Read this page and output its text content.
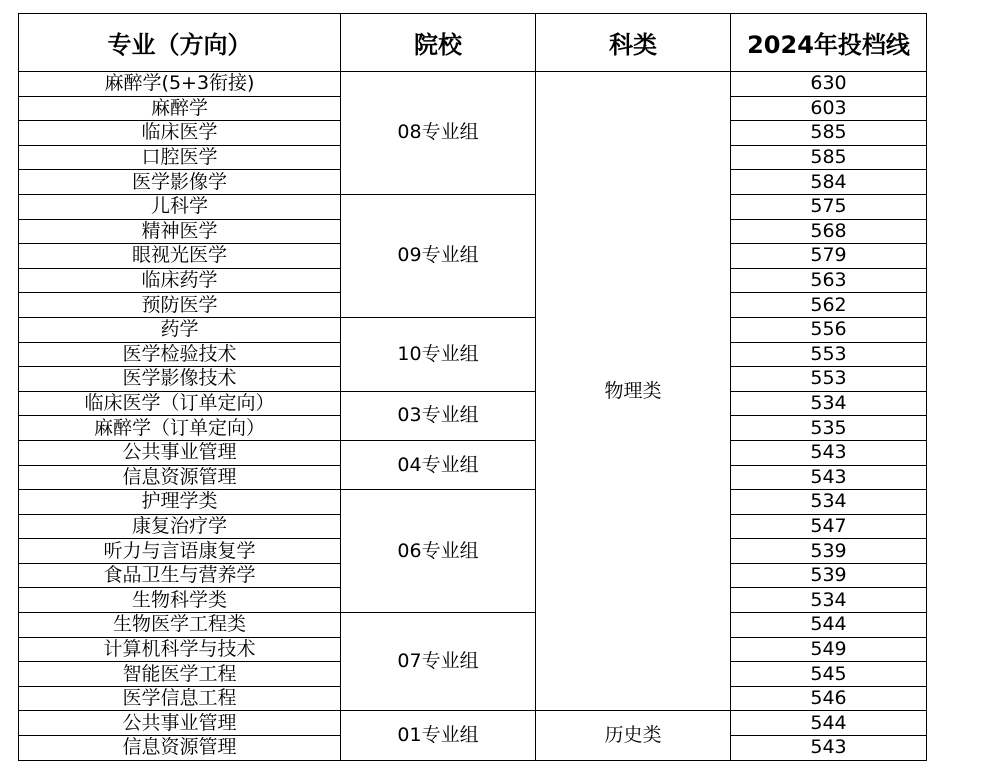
专业（方向）	院校	科类	2024年投档线
麻醉学(5+3衔接)	08专业组	物理类	630
麻醉学			603
临床医学			585
口腔医学			585
医学影像学			584
儿科学	09专业组		575
精神医学			568
眼视光医学			579
临床药学			563
预防医学			562
药学	10专业组		556
医学检验技术			553
医学影像技术			553
临床医学（订单定向）	03专业组		534
麻醉学（订单定向）			535
公共事业管理	04专业组		543
信息资源管理			543
护理学类	06专业组		534
康复治疗学			547
听力与言语康复学			539
食品卫生与营养学			539
生物科学类			534
生物医学工程类	07专业组		544
计算机科学与技术			549
智能医学工程			545
医学信息工程			546
公共事业管理	01专业组	历史类	544
信息资源管理			543
